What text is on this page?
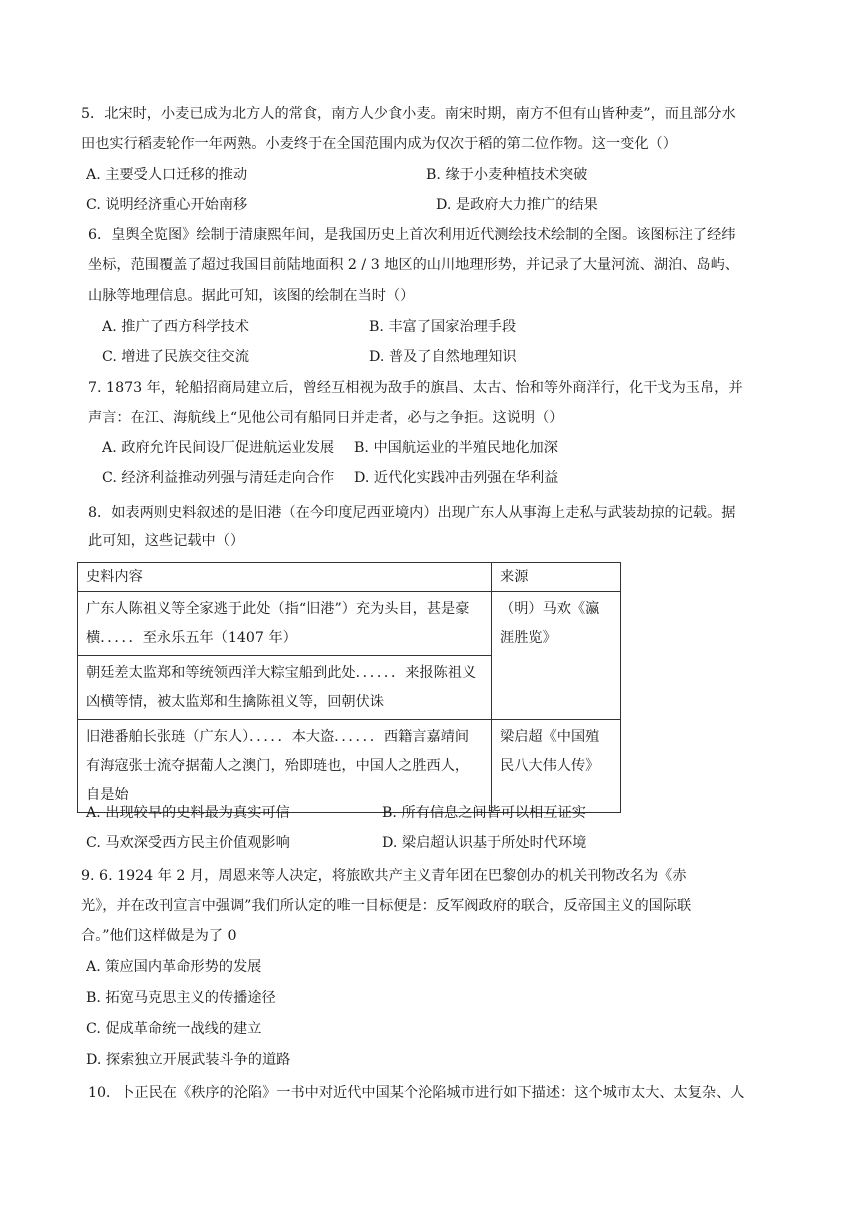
5．北宋时，小麦已成为北方人的常食，南方人少食小麦。南宋时期，南方不但有山皆种麦”，而且部分水
田也实行稻麦轮作一年两熟。小麦终于在全国范围内成为仅次于稻的第二位作物。这一变化（）
A. 主要受人口迁移的推动	B. 缘于小麦种植技术突破
C. 说明经济重心开始南移	D. 是政府大力推广的结果
6．皇舆全览图》绘制于清康熙年间，是我国历史上首次利用近代测绘技术绘制的全图。该图标注了经纬
坐标，范围覆盖了超过我国目前陆地面积 2 / 3 地区的山川地理形势，并记录了大量河流、湖泊、岛屿、
山脉等地理信息。据此可知，该图的绘制在当时（）
A. 推广了西方科学技术	B. 丰富了国家治理手段
C. 增进了民族交往交流	D. 普及了自然地理知识
7. 1873 年，轮船招商局建立后，曾经互相视为敌手的旗昌、太古、怡和等外商洋行，化干戈为玉帛，并
声言：在江、海航线上“见他公司有船同日并走者，必与之争拒。这说明（）
A. 政府允许民间设厂促进航运业发展 B. 中国航运业的半殖民地化加深
C. 经济利益推动列强与清廷走向合作 D. 近代化实践冲击列强在华利益
8．如表两则史料叙述的是旧港（在今印度尼西亚境内）出现广东人从事海上走私与武装劫掠的记载。据
此可知，这些记载中（）
史料内容	来源
广东人陈祖义等全家逃于此处（指“旧港”）充为头目，甚是豪横．．．．．至永乐五年（1407 年）	（明）马欢《瀛涯胜览》
朝廷差太监郑和等统领西洋大粽宝船到此处．．．．．．来报陈祖义凶横等情，被太监郑和生擒陈祖义等，回朝伏诛	
旧港番舶长张琏（广东人）．．．．．本大盗．．．．．．西籍言嘉靖间有海寇张士流夺据葡人之澳门，殆即琏也，中国人之胜西人，自是始	梁启超《中国殖民八大伟人传》
A. 出现较早的史料最为真实可信	B. 所有信息之间皆可以相互证实
C. 马欢深受西方民主价值观影响	D. 梁启超认识基于所处时代环境
9. 6. 1924 年 2 月，周恩来等人决定，将旅欧共产主义青年团在巴黎创办的机关刊物改名为《赤
光》，并在改刊宣言中强调”我们所认定的唯一目标便是：反军阀政府的联合，反帝国主义的国际联
合。”他们这样做是为了 0
A. 策应国内革命形势的发展
B. 拓宽马克思主义的传播途径
C. 促成革命统一战线的建立
D. 探索独立开展武装斗争的道路
10．卜正民在《秩序的沦陷》一书中对近代中国某个沦陷城市进行如下描述：这个城市太大、太复杂、人
